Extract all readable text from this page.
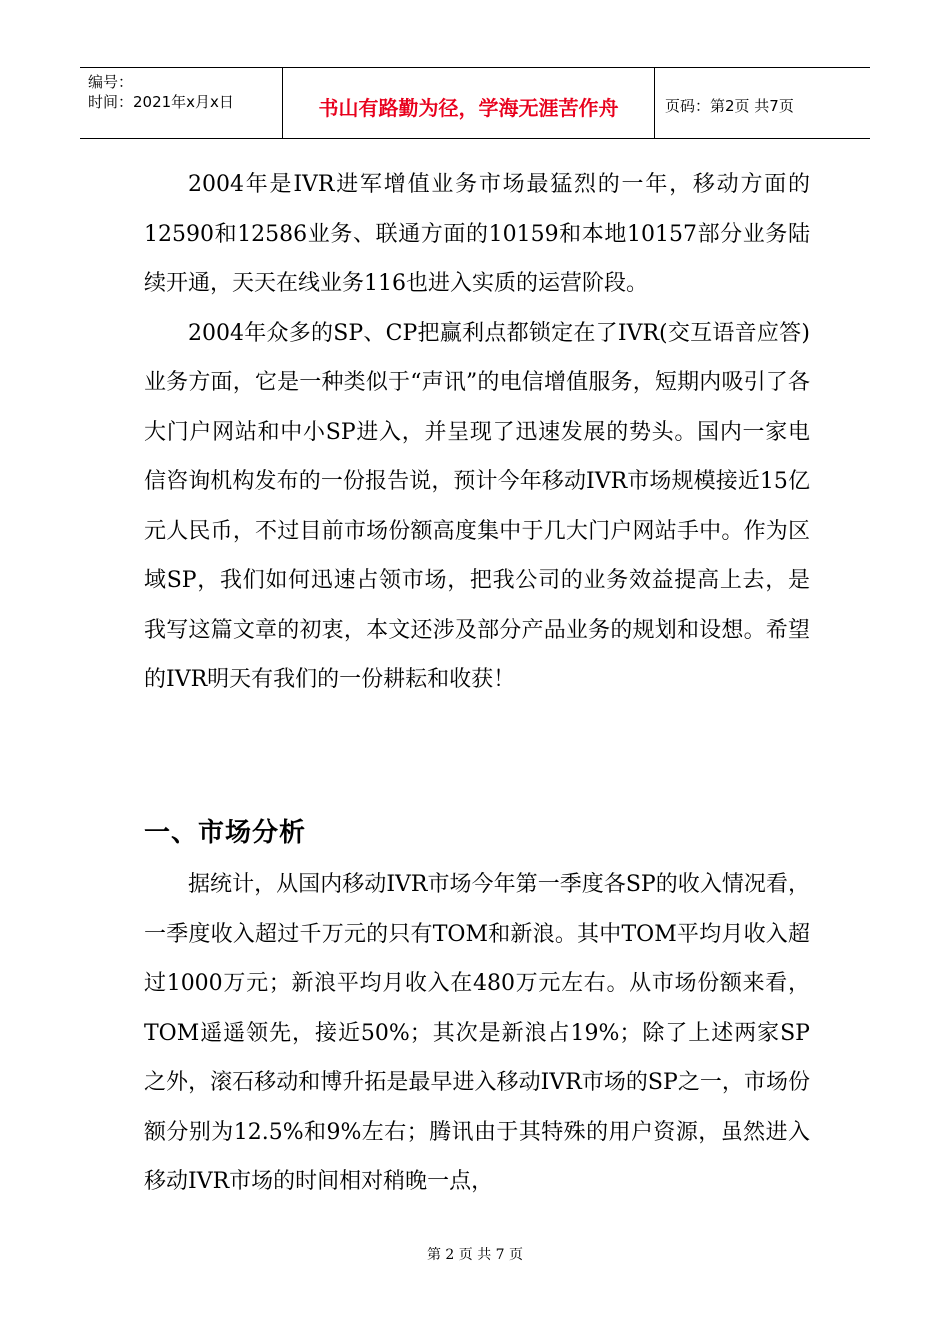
编号：
时间：2021年x月x日	书山有路勤为径，学海无涯苦作舟	页码：第2页 共7页

2004年是IVR进军增值业务市场最猛烈的一年，移动方面的12590和12586业务、联通方面的10159和本地10157部分业务陆续开通，天天在线业务116也进入实质的运营阶段。

2004年众多的SP、CP把赢利点都锁定在了IVR(交互语音应答)业务方面，它是一种类似于“声讯”的电信增值服务，短期内吸引了各大门户网站和中小SP进入，并呈现了迅速发展的势头。国内一家电信咨询机构发布的一份报告说，预计今年移动IVR市场规模接近15亿元人民币，不过目前市场份额高度集中于几大门户网站手中。作为区域SP，我们如何迅速占领市场，把我公司的业务效益提高上去，是我写这篇文章的初衷，本文还涉及部分产品业务的规划和设想。希望的IVR明天有我们的一份耕耘和收获！

一、市场分析

据统计，从国内移动IVR市场今年第一季度各SP的收入情况看，一季度收入超过千万元的只有TOM和新浪。其中TOM平均月收入超过1000万元；新浪平均月收入在480万元左右。从市场份额来看，TOM遥遥领先，接近50%；其次是新浪占19%；除了上述两家SP之外，滚石移动和博升拓是最早进入移动IVR市场的SP之一，市场份额分别为12.5%和9%左右；腾讯由于其特殊的用户资源，虽然进入移动IVR市场的时间相对稍晚一点，

第 2 页 共 7 页
